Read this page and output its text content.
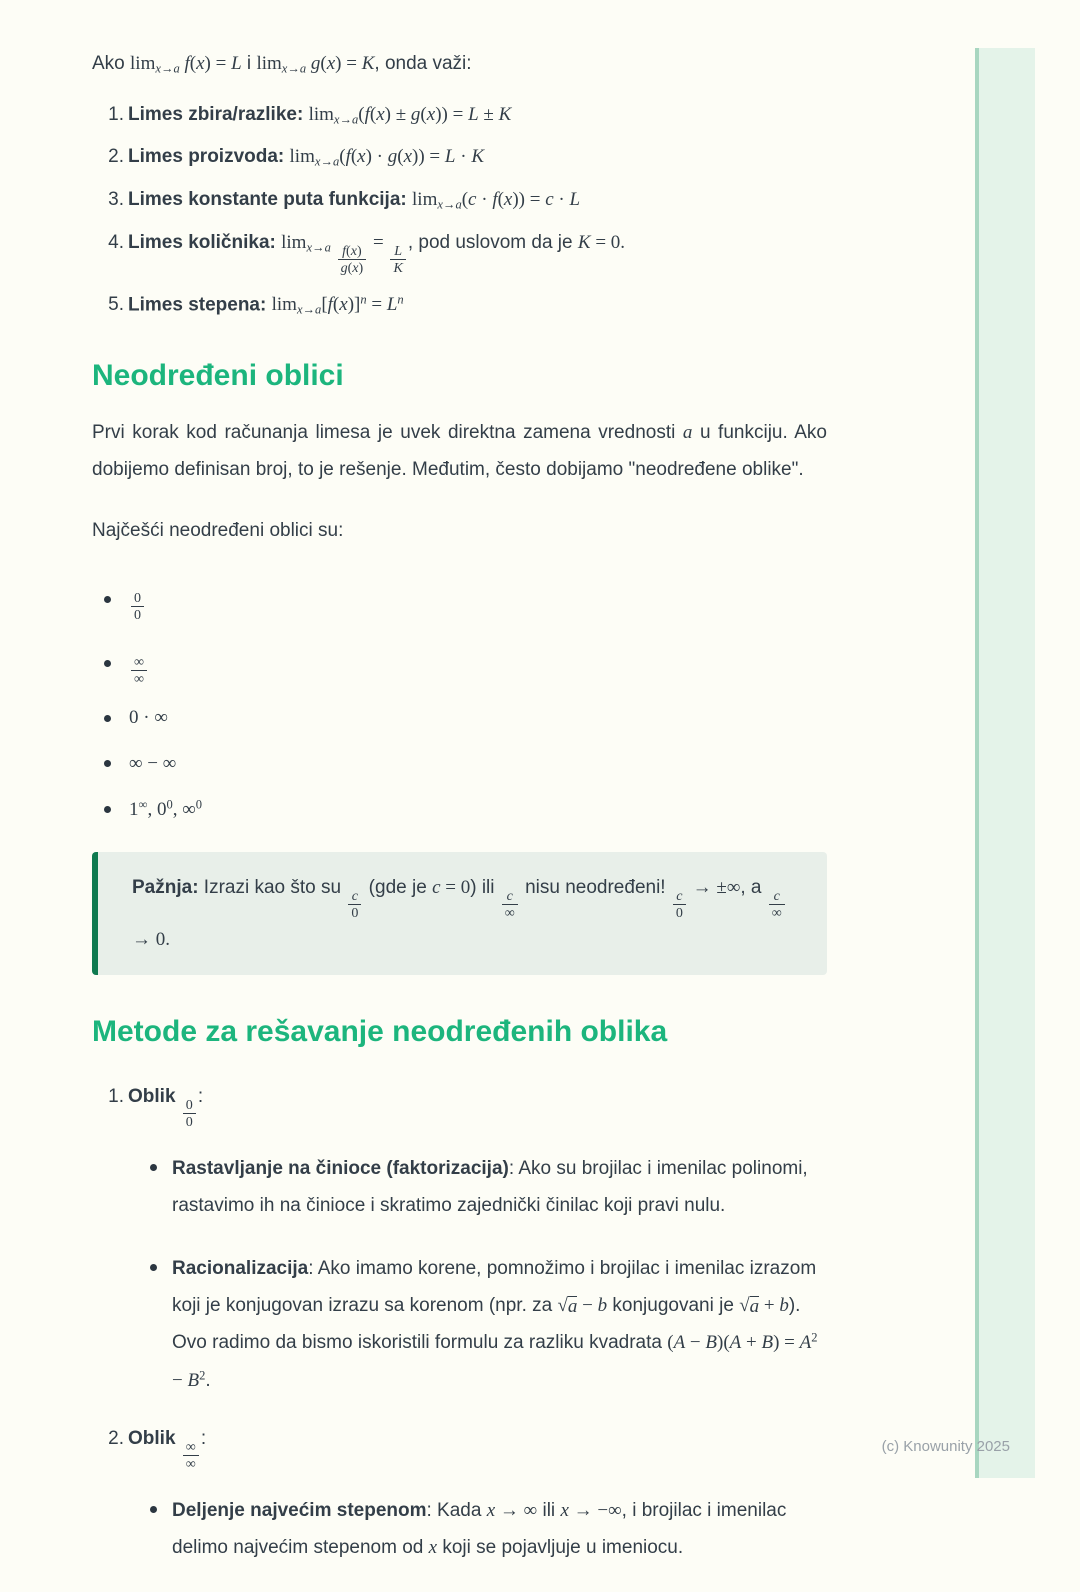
Ako limx→a f(x) = L i limx→a g(x) = K, onda važi:

1. Limes zbira/razlike: limx→a(f(x) ± g(x)) = L ± K
2. Limes proizvoda: limx→a(f(x) · g(x)) = L · K
3. Limes konstante puta funkcija: limx→a(c · f(x)) = c · L
4. Limes količnika: $\lim x\to a \frac{f(x)}{g(x)}$
=
$\frac{L}{K}$
, pod uslovom da je K = 0.
5. Limes stepena: $\lim x\to a[f(x)]^n = L^n$
Neodređeni oblici

Prvi korak kod računanja limesa je uvek direktna zamena vrednosti a u funkciju. Ako dobijemo definisan broj, to je rešenje. Međutim, često dobijamo "neodređene oblike".

Najčešći neodređeni oblici su:

$\frac{0}{0}$
$\frac{\infty}{\infty}$
0 · ∞
∞ − ∞
1∞, $0^0$, ∞$^0$

Pažnja: Izrazi kao što su
$\frac{c}{0}$
(gde je c = 0) ili
$\frac{c}{\infty}$
nisu neodređeni!
$\frac{c}{0}$
→ ±∞, a
$\frac{c}{\infty}$
→ 0.

Metode za rešavanje neodređenih oblika
1. Oblik
$\frac{0}{0}$
:
Rastavljanje na činioce (faktorizacija): Ako su brojilac i imenilac polinomi, rastavimo ih na činioce i skratimo zajednički činilac koji pravi nulu.
Racionalizacija: Ako imamo korene, pomnožimo i brojilac i imenilac izrazom koji je konjugovan izrazu sa korenom (npr. za √ a − b konjugovani je √ a + b). Ovo radimo da bismo iskoristili formulu za razliku kvadrata $(A - B)(A + B) = A^2 - B^2$.
2. Oblik
$\frac{\infty}{\infty}$
:
Deljenje najvećim stepenom: Kada x → ∞ ili x → −∞, i brojilac i imenilac delimo najvećim stepenom od x koji se pojavljuje u imeniocu.
(c) Knowunity 2025
